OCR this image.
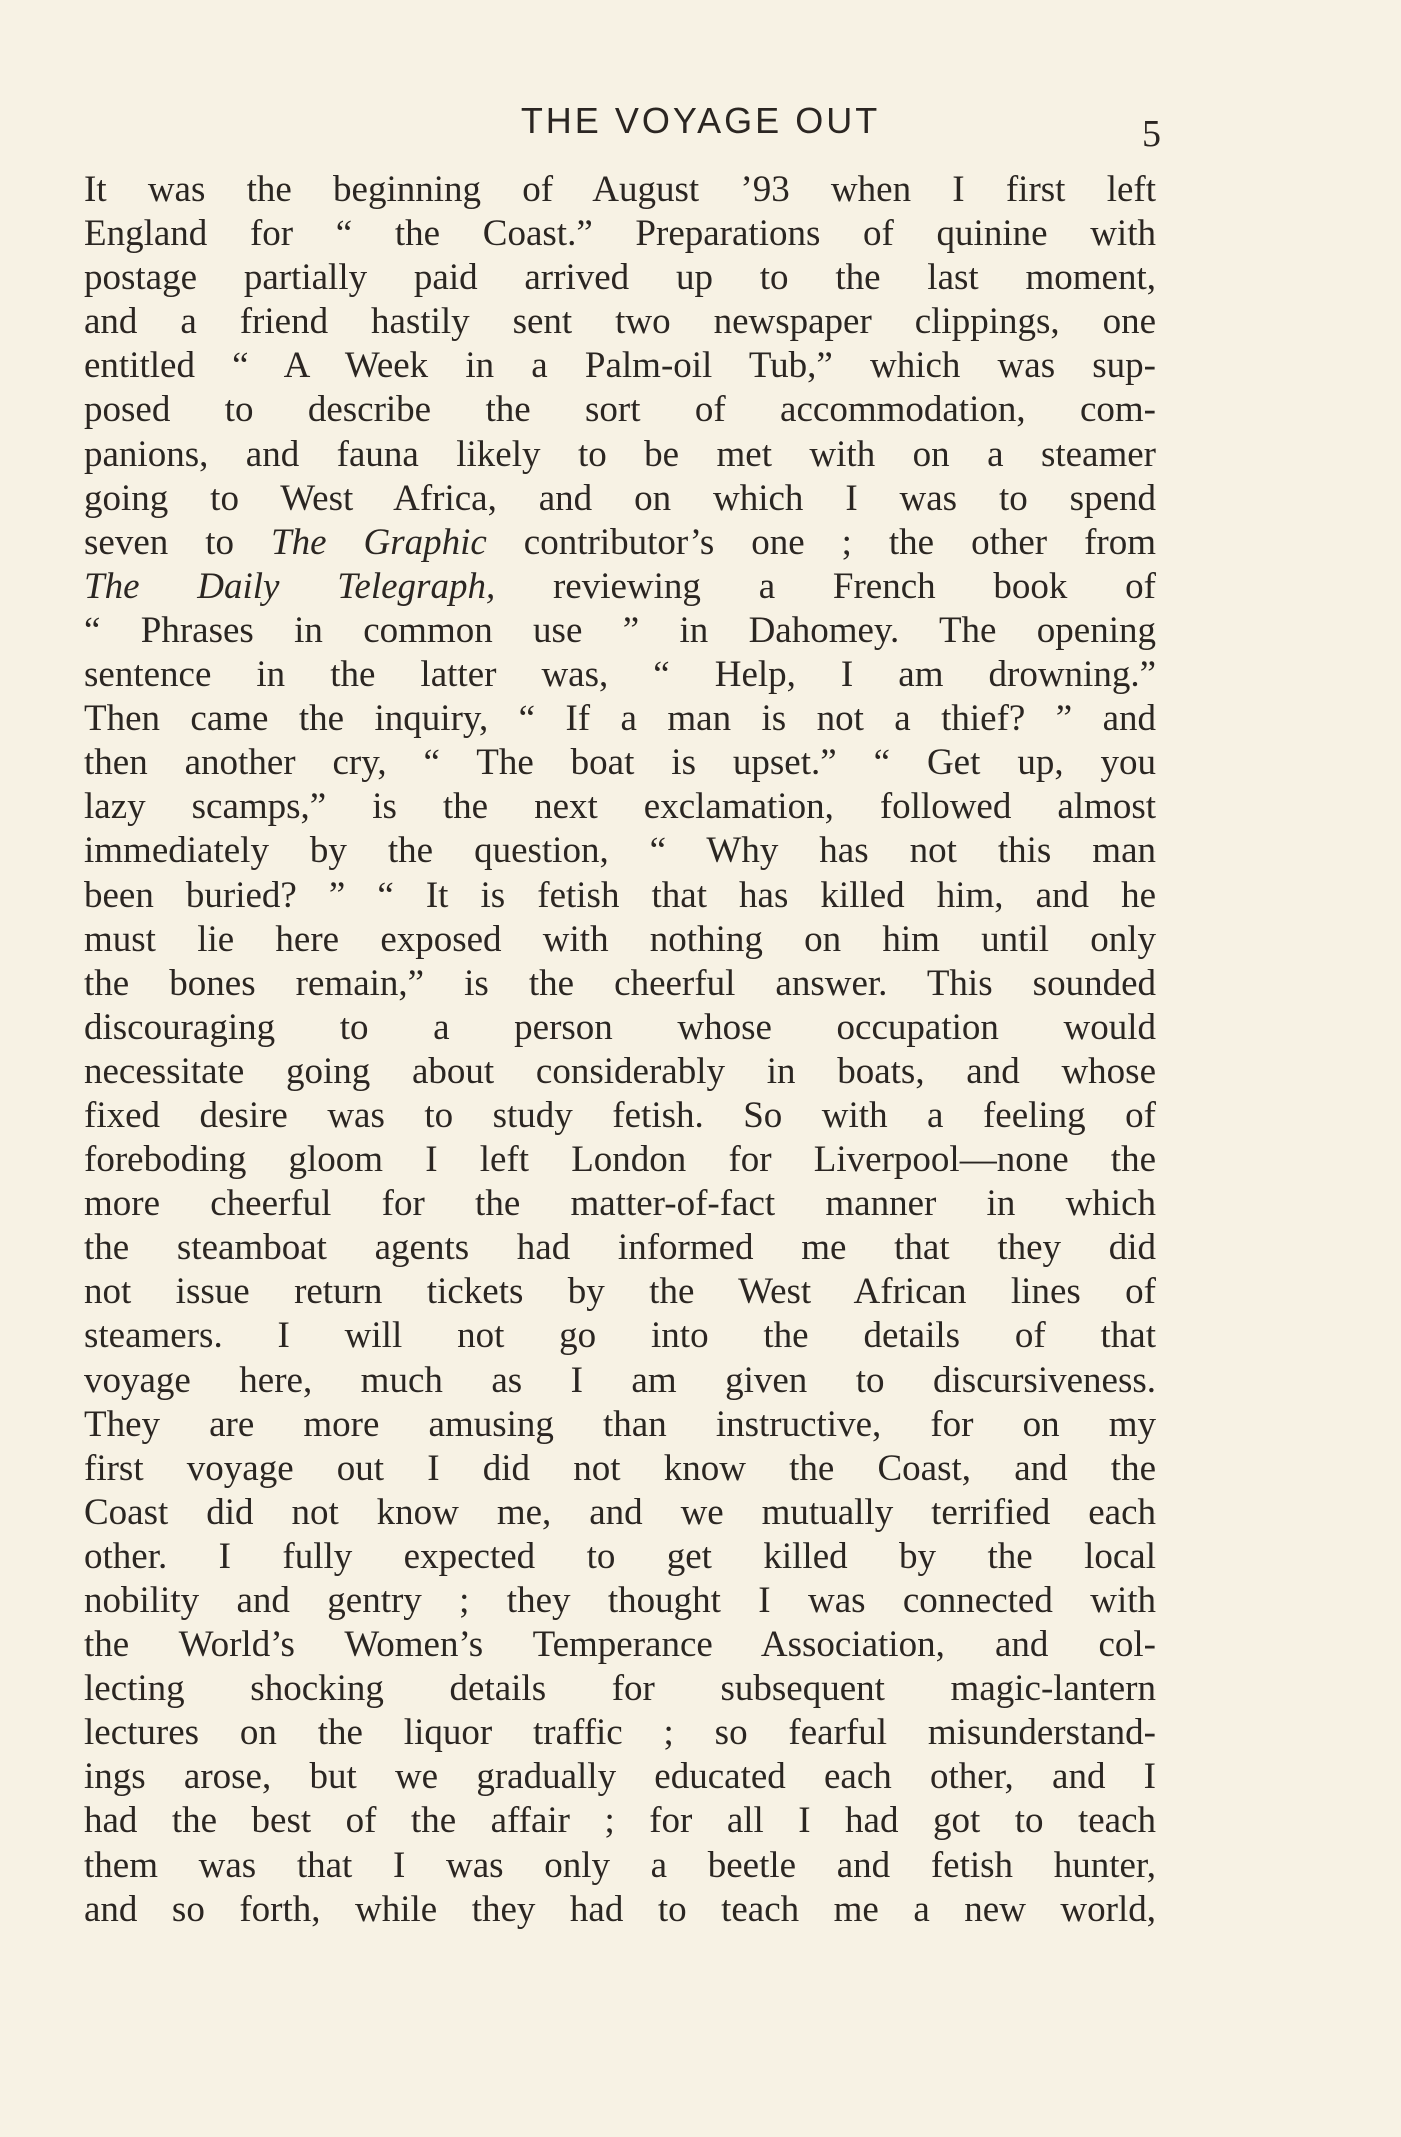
THE VOYAGE OUT	5
It was the beginning of August ’93 when I first left
England for “ the Coast.” Preparations of quinine with
postage partially paid arrived up to the last moment,
and a friend hastily sent two newspaper clippings, one
entitled “ A Week in a Palm-oil Tub,” which was sup-
posed to describe the sort of accommodation, com-
panions, and fauna likely to be met with on a steamer
going to West Africa, and on which I was to spend
seven to The Graphic contributor’s one ; the other from
The Daily Telegraph, reviewing a French book of
“ Phrases in common use ” in Dahomey. The opening
sentence in the latter was, “ Help, I am drowning.”
Then came the inquiry, “ If a man is not a thief? ” and
then another cry, “ The boat is upset.” “ Get up, you
lazy scamps,” is the next exclamation, followed almost
immediately by the question, “ Why has not this man
been buried? ” “ It is fetish that has killed him, and he
must lie here exposed with nothing on him until only
the bones remain,” is the cheerful answer. This sounded
discouraging to a person whose occupation would
necessitate going about considerably in boats, and whose
fixed desire was to study fetish. So with a feeling of
foreboding gloom I left London for Liverpool—none the
more cheerful for the matter-of-fact manner in which
the steamboat agents had informed me that they did
not issue return tickets by the West African lines of
steamers. I will not go into the details of that
voyage here, much as I am given to discursiveness.
They are more amusing than instructive, for on my
first voyage out I did not know the Coast, and the
Coast did not know me, and we mutually terrified each
other. I fully expected to get killed by the local
nobility and gentry ; they thought I was connected with
the World’s Women’s Temperance Association, and col-
lecting shocking details for subsequent magic-lantern
lectures on the liquor traffic ; so fearful misunderstand-
ings arose, but we gradually educated each other, and I
had the best of the affair ; for all I had got to teach
them was that I was only a beetle and fetish hunter,
and so forth, while they had to teach me a new world,
